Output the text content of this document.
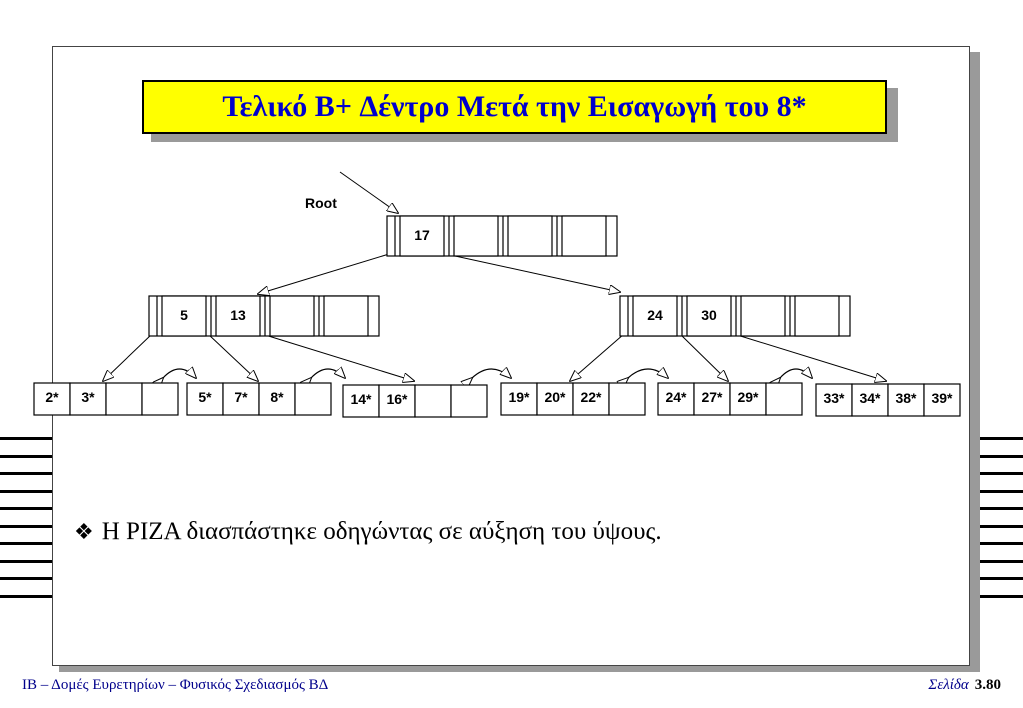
Τελικό B+ Δέντρο Μετά την Εισαγωγή του 8*
Root
17
5	13	24	30
2* 3*	5* 7* 8*	14* 16*	19* 20* 22*	24* 27* 29*	33* 34* 38* 39*
❖ Η ΡΙΖΑ διασπάστηκε οδηγώντας σε αύξηση του ύψους.
ΙΒ – Δομές Ευρετηρίων – Φυσικός Σχεδιασμός ΒΔ	Σελίδα 3.80
